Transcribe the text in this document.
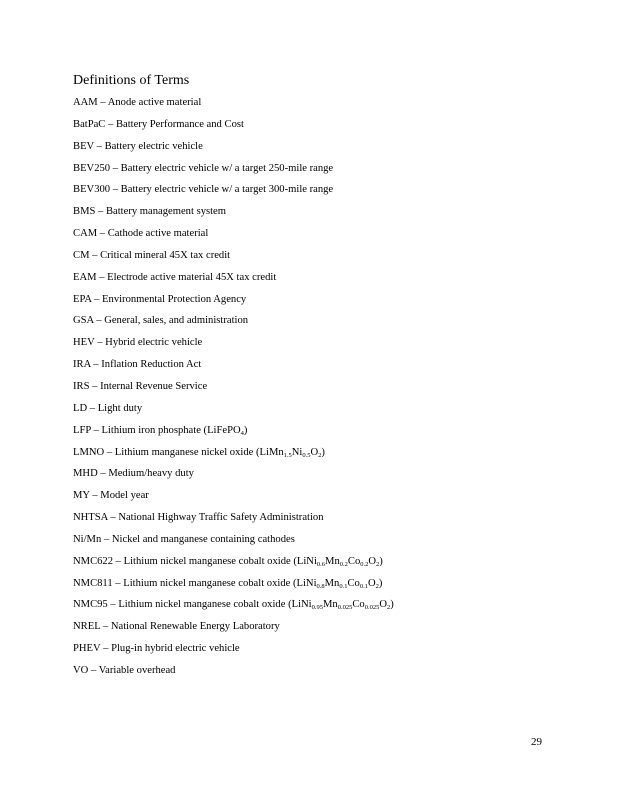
Definitions of Terms
AAM – Anode active material
BatPaC – Battery Performance and Cost
BEV – Battery electric vehicle
BEV250 – Battery electric vehicle w/ a target 250-mile range
BEV300 – Battery electric vehicle w/ a target 300-mile range
BMS – Battery management system
CAM – Cathode active material
CM – Critical mineral 45X tax credit
EAM – Electrode active material 45X tax credit
EPA – Environmental Protection Agency
GSA – General, sales, and administration
HEV – Hybrid electric vehicle
IRA – Inflation Reduction Act
IRS – Internal Revenue Service
LD – Light duty
LFP – Lithium iron phosphate (LiFePO$_4$)
LMNO – Lithium manganese nickel oxide $(LiMn_{1.5}Ni_{0.5}O_2)$
MHD – Medium/heavy duty
MY – Model year
NHTSA – National Highway Traffic Safety Administration
Ni/Mn – Nickel and manganese containing cathodes
NMC622 – Lithium nickel manganese cobalt oxide $(LiNi_{0.6}Mn_{0.2}Co_{0.2}O_2)$
NMC811 – Lithium nickel manganese cobalt oxide $(LiNi_{0.8}Mn_{0.1}Co_{0.1}O_2)$
NMC95 – Lithium nickel manganese cobalt oxide $(LiNi_{0.95}Mn_{0.025}Co_{0.025}O_2)$
NREL – National Renewable Energy Laboratory
PHEV – Plug-in hybrid electric vehicle
VO – Variable overhead
29
